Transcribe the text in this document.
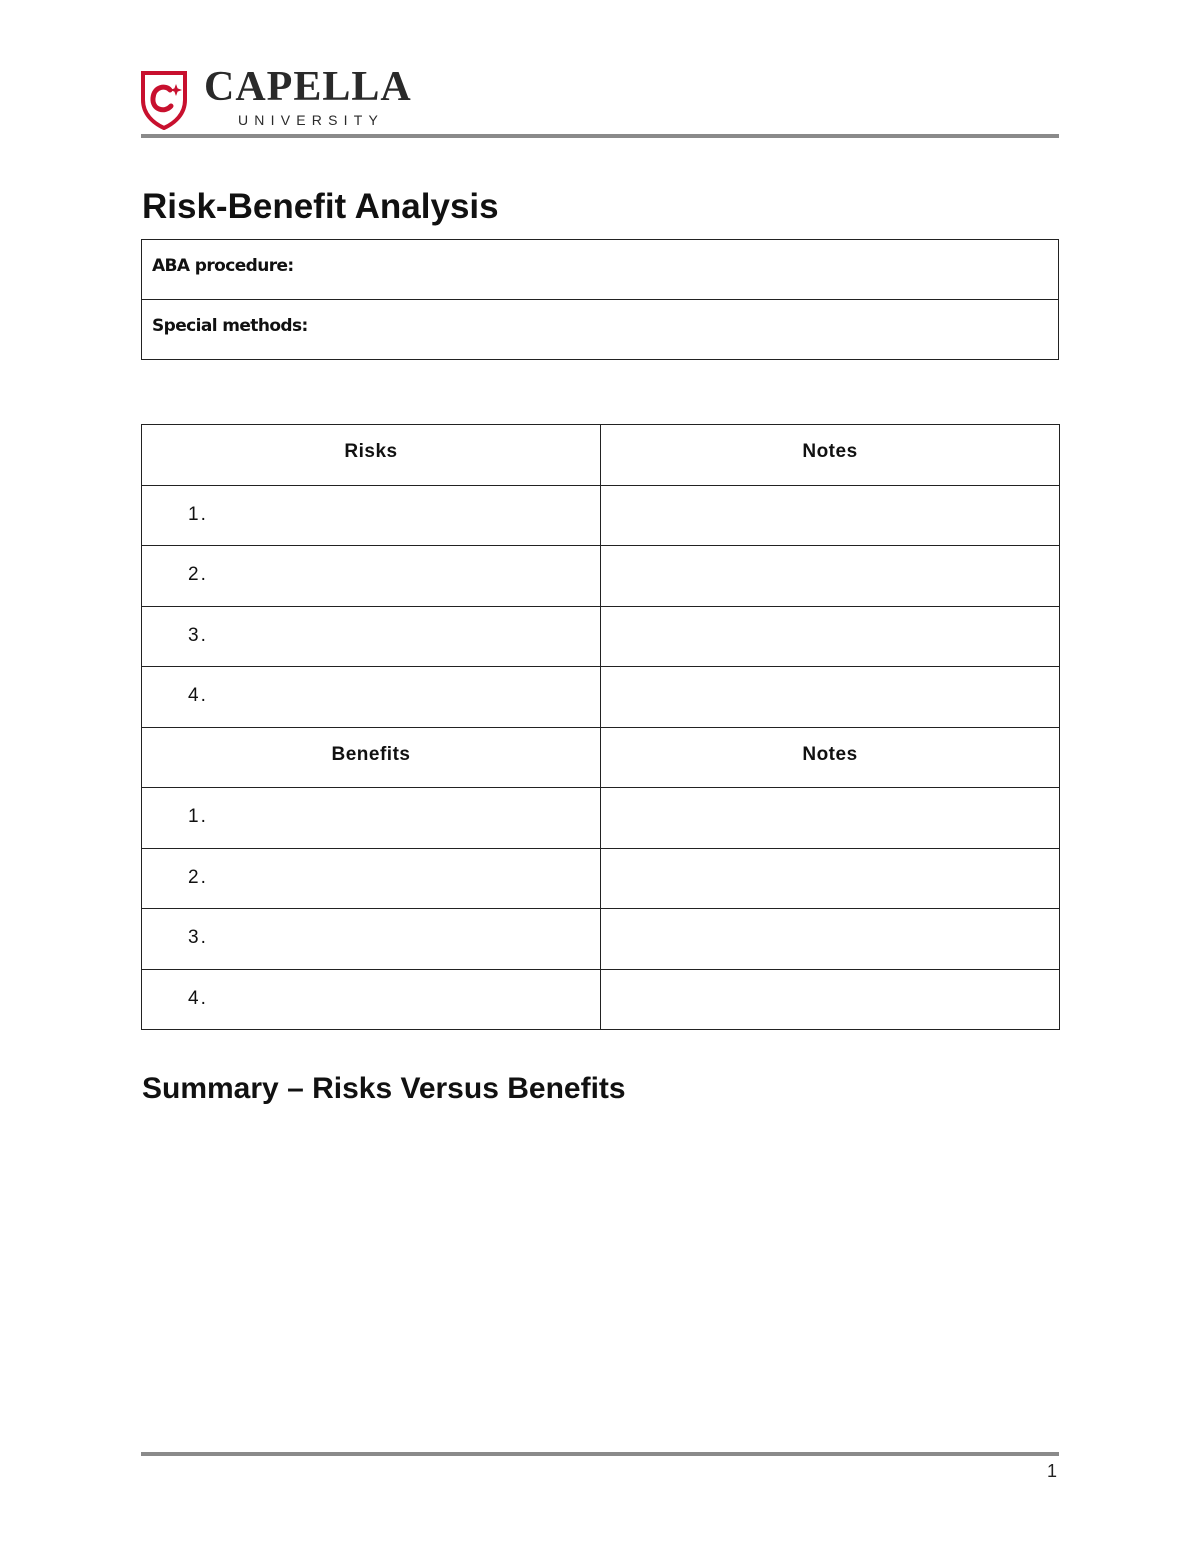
CAPELLA
UNIVERSITY
Risk-Benefit Analysis
ABA procedure:

Special methods:
Risks	Notes

1.	

2.	

3.	

4.	

Benefits	Notes

1.	

2.	

3.	

4.	

Summary – Risks Versus Benefits
1
